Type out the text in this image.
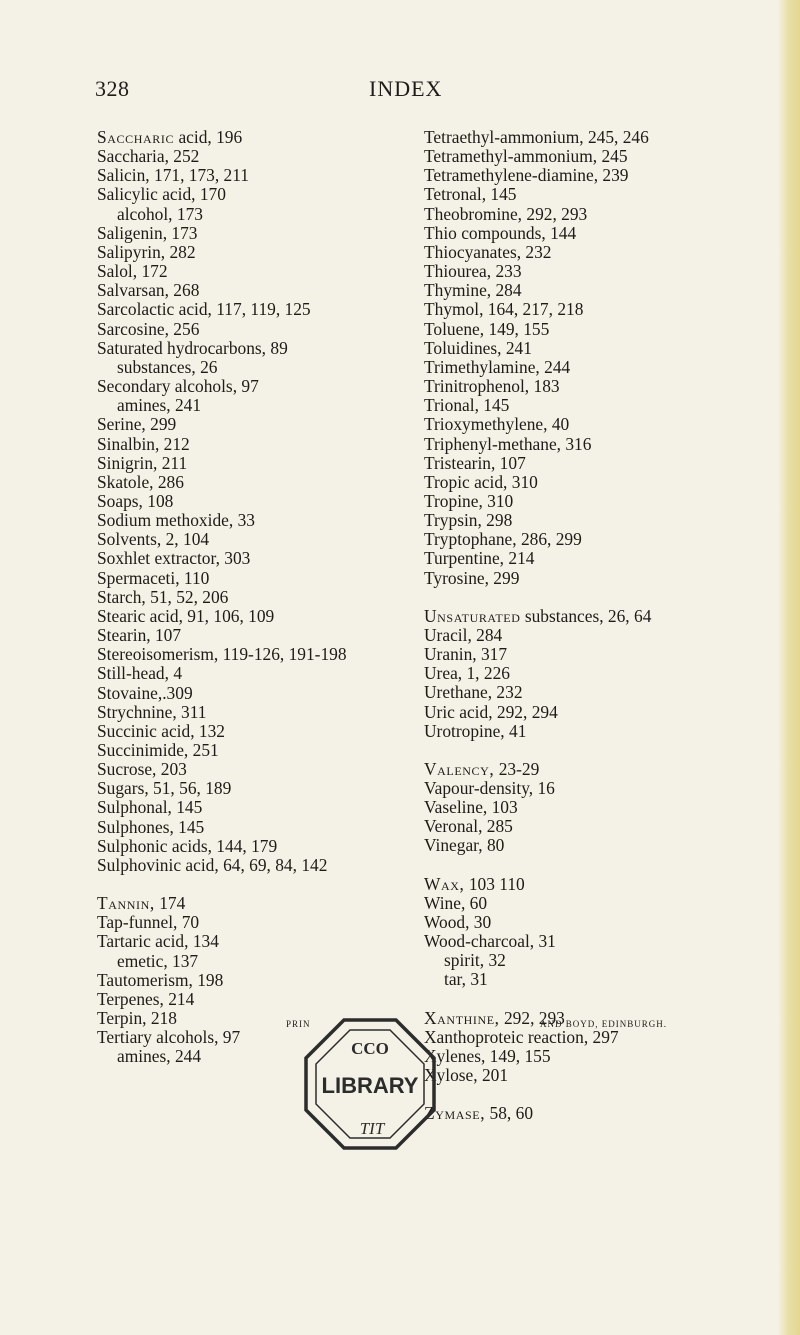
328	INDEX
Saccharic acid, 196
Saccharia, 252
Salicin, 171, 173, 211
Salicylic acid, 170
alcohol, 173
Saligenin, 173
Salipyrin, 282
Salol, 172
Salvarsan, 268
Sarcolactic acid, 117, 119, 125
Sarcosine, 256
Saturated hydrocarbons, 89
substances, 26
Secondary alcohols, 97
amines, 241
Serine, 299
Sinalbin, 212
Sinigrin, 211
Skatole, 286
Soaps, 108
Sodium methoxide, 33
Solvents, 2, 104
Soxhlet extractor, 303
Spermaceti, 110
Starch, 51, 52, 206
Stearic acid, 91, 106, 109
Stearin, 107
Stereoisomerism, 119-126, 191-198
Still-head, 4
Stovaine,.309
Strychnine, 311
Succinic acid, 132
Succinimide, 251
Sucrose, 203
Sugars, 51, 56, 189
Sulphonal, 145
Sulphones, 145
Sulphonic acids, 144, 179
Sulphovinic acid, 64, 69, 84, 142
Tannin, 174
Tap-funnel, 70
Tartaric acid, 134
emetic, 137
Tautomerism, 198
Terpenes, 214
Terpin, 218
Tertiary alcohols, 97
amines, 244
Tetraethyl-ammonium, 245, 246
Tetramethyl-ammonium, 245
Tetramethylene-diamine, 239
Tetronal, 145
Theobromine, 292, 293
Thio compounds, 144
Thiocyanates, 232
Thiourea, 233
Thymine, 284
Thymol, 164, 217, 218
Toluene, 149, 155
Toluidines, 241
Trimethylamine, 244
Trinitrophenol, 183
Trional, 145
Trioxymethylene, 40
Triphenyl-methane, 316
Tristearin, 107
Tropic acid, 310
Tropine, 310
Trypsin, 298
Tryptophane, 286, 299
Turpentine, 214
Tyrosine, 299
Unsaturated substances, 26, 64
Uracil, 284
Uranin, 317
Urea, 1, 226
Urethane, 232
Uric acid, 292, 294
Urotropine, 41
Valency, 23-29
Vapour-density, 16
Vaseline, 103
Veronal, 285
Vinegar, 80
Wax, 103 110
Wine, 60
Wood, 30
Wood-charcoal, 31
spirit, 32
tar, 31
Xanthine, 292, 293
Xanthoproteic reaction, 297
Xylenes, 149, 155
Xylose, 201
Zymase, 58, 60
PRIN	AND BOYD, EDINBURGH.
LIBRARY
CCO
TIT
